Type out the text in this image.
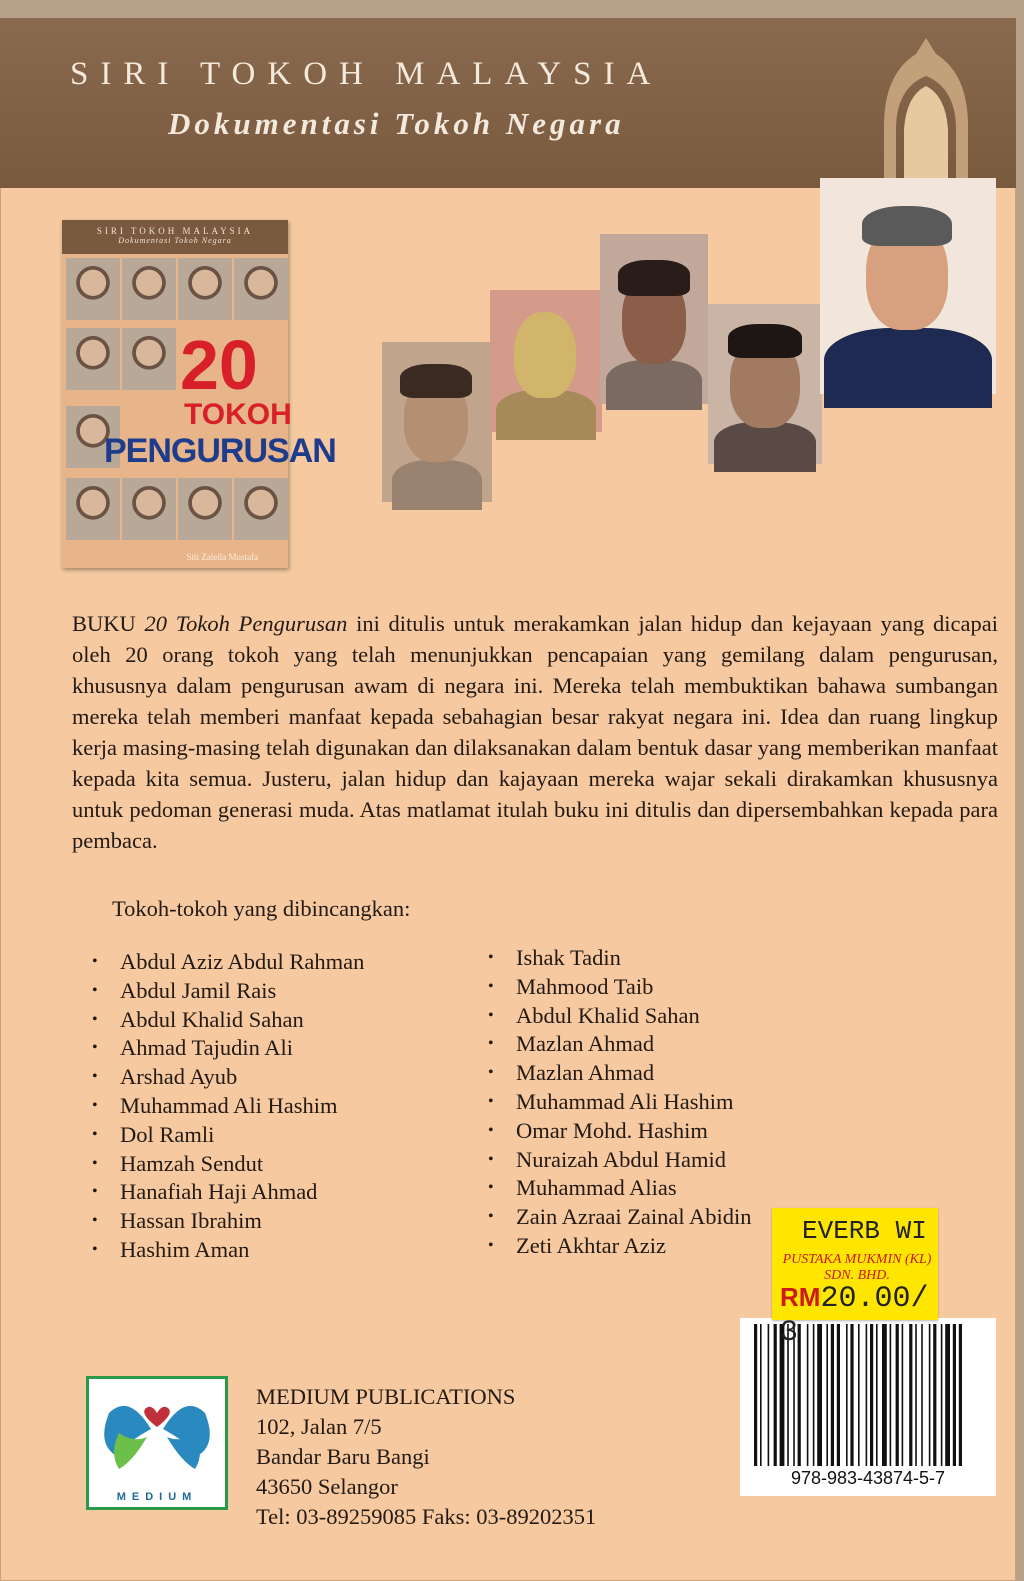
SIRI TOKOH MALAYSIA
Dokumentasi Tokoh Negara
SIRI TOKOH MALAYSIA
Dokumentasi Tokoh Negara
20
TOKOH
PENGURUSAN
Siti Zaleila Mustafa
BUKU 20 Tokoh Pengurusan ini ditulis untuk merakamkan jalan hidup dan kejayaan yang dicapai oleh 20 orang tokoh yang telah menunjukkan pencapaian yang gemilang dalam pengurusan, khususnya dalam pengurusan awam di negara ini. Mereka telah membuktikan bahawa sumbangan mereka telah memberi manfaat kepada sebahagian besar rakyat negara ini. Idea dan ruang lingkup kerja masing-masing telah digunakan dan dilaksanakan dalam bentuk dasar yang memberikan manfaat kepada kita semua. Justeru, jalan hidup dan kajayaan mereka wajar sekali dirakamkan khususnya untuk pedoman generasi muda. Atas matlamat itulah buku ini ditulis dan dipersembahkan kepada para pembaca.
Tokoh-tokoh yang dibincangkan:
• Abdul Aziz Abdul Rahman
• Abdul Jamil Rais
• Abdul Khalid Sahan
• Ahmad Tajudin Ali
• Arshad Ayub
• Muhammad Ali Hashim
• Dol Ramli
• Hamzah Sendut
• Hanafiah Haji Ahmad
• Hassan Ibrahim
• Hashim Aman
• Ishak Tadin
• Mahmood Taib
• Abdul Khalid Sahan
• Mazlan Ahmad
• Mazlan Ahmad
• Muhammad Ali Hashim
• Omar Mohd. Hashim
• Nuraizah Abdul Hamid
• Muhammad Alias
• Zain Azraai Zainal Abidin
• Zeti Akhtar Aziz
978-983-43874-5-7
EVERB WI
PUSTAKA MUKMIN (KL)
SDN. BHD.
RM20.00/ 3
MEDIUM
MEDIUM PUBLICATIONS
102, Jalan 7/5
Bandar Baru Bangi
43650 Selangor
Tel: 03-89259085 Faks: 03-89202351
